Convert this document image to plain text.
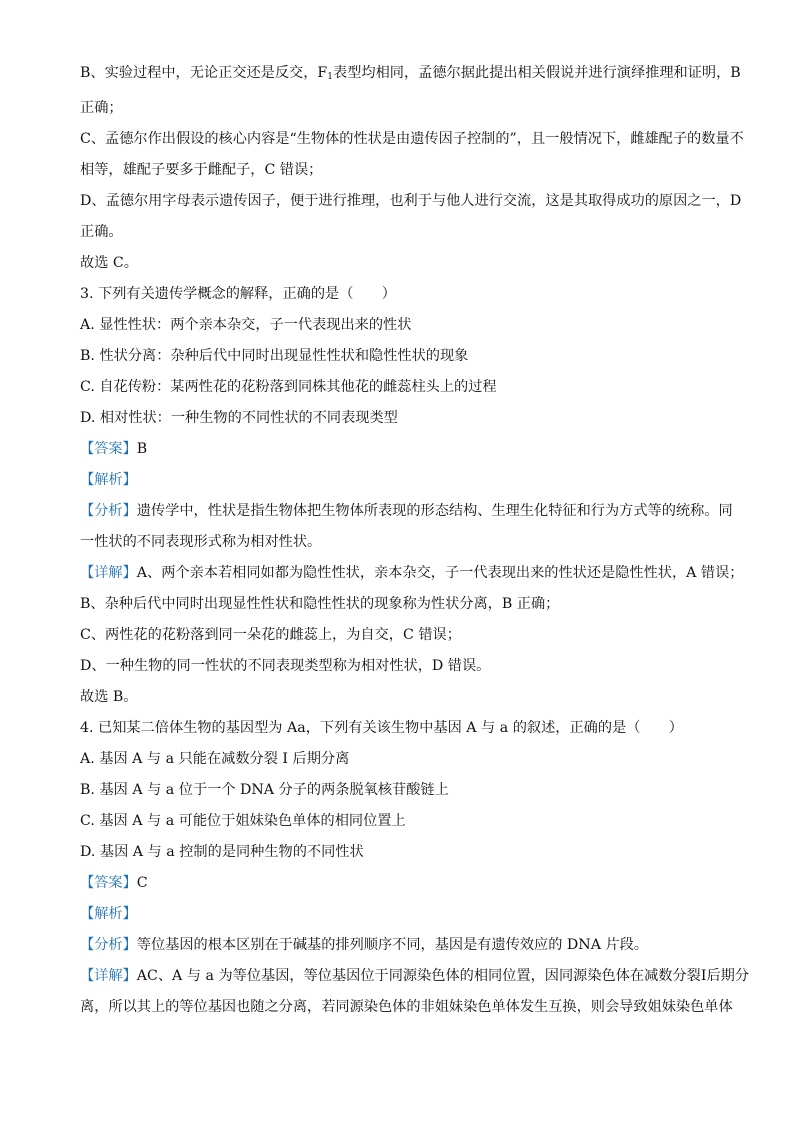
B、实验过程中，无论正交还是反交，$F_1$表型均相同，孟德尔据此提出相关假说并进行演绎推理和证明，B
正确；
C、孟德尔作出假设的核心内容是“生物体的性状是由遗传因子控制的”，且一般情况下，雌雄配子的数量不
相等，雄配子要多于雌配子，C 错误；
D、孟德尔用字母表示遗传因子，便于进行推理，也利于与他人进行交流，这是其取得成功的原因之一，D
正确。
故选 C。
3. 下列有关遗传学概念的解释，正确的是（　　）
A. 显性性状：两个亲本杂交，子一代表现出来的性状
B. 性状分离：杂种后代中同时出现显性性状和隐性性状的现象
C. 自花传粉：某两性花的花粉落到同株其他花的雌蕊柱头上的过程
D. 相对性状：一种生物的不同性状的不同表现类型
【答案】B
【解析】
【分析】遗传学中，性状是指生物体把生物体所表现的形态结构、生理生化特征和行为方式等的统称。同
一性状的不同表现形式称为相对性状。
【详解】A、两个亲本若相同如都为隐性性状，亲本杂交，子一代表现出来的性状还是隐性性状，A 错误；
B、杂种后代中同时出现显性性状和隐性性状的现象称为性状分离，B 正确；
C、两性花的花粉落到同一朵花的雌蕊上，为自交，C 错误；
D、一种生物的同一性状的不同表现类型称为相对性状，D 错误。
故选 B。
4. 已知某二倍体生物的基因型为 Aa，下列有关该生物中基因 A 与 a 的叙述，正确的是（　　）
A. 基因 A 与 a 只能在减数分裂 I 后期分离
B. 基因 A 与 a 位于一个 DNA 分子的两条脱氧核苷酸链上
C. 基因 A 与 a 可能位于姐妹染色单体的相同位置上
D. 基因 A 与 a 控制的是同种生物的不同性状
【答案】C
【解析】
【分析】等位基因的根本区别在于碱基的排列顺序不同，基因是有遗传效应的 DNA 片段。
【详解】AC、A 与 a 为等位基因，等位基因位于同源染色体的相同位置，因同源染色体在减数分裂I后期分
离，所以其上的等位基因也随之分离，若同源染色体的非姐妹染色单体发生互换，则会导致姐妹染色单体
